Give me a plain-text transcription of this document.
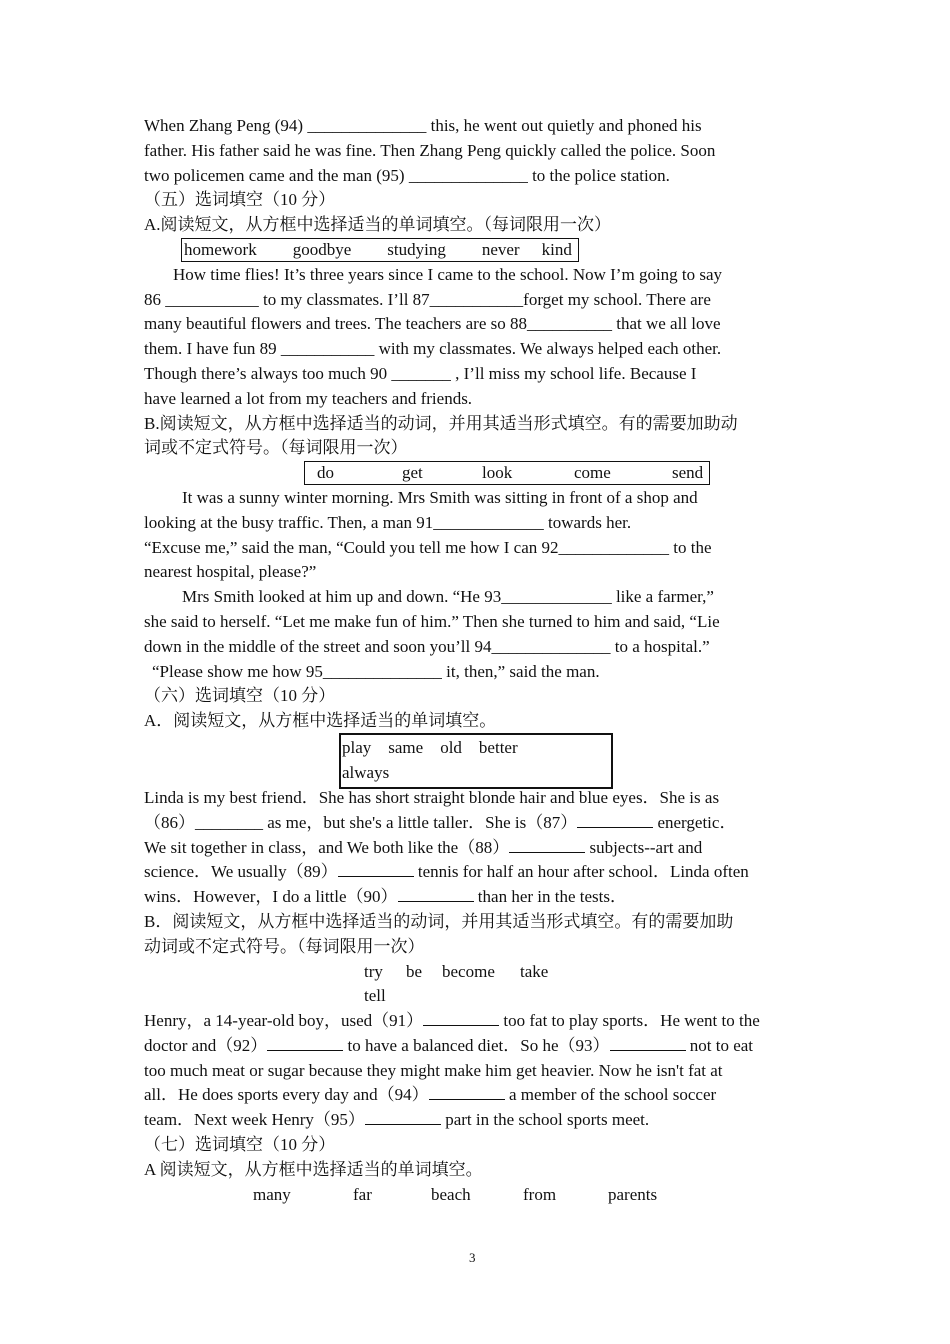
When Zhang Peng (94) ______________ this, he went out quietly and phoned his
father. His father said he was fine. Then Zhang Peng quickly called the police. Soon
two policemen came and the man (95) ______________ to the police station.
（五）选词填空（10 分）
A.阅读短文，从方框中选择适当的单词填空。（每词限用一次）
homework goodbye studying never kind
How time flies! It’s three years since I came to the school. Now I’m going to say
86 ___________ to my classmates. I’ll 87___________forget my school. There are
many beautiful flowers and trees. The teachers are so 88__________ that we all love
them. I have fun 89 ___________ with my classmates. We always helped each other.
Though there’s always too much 90 _______ , I’ll miss my school life. Because I
have learned a lot from my teachers and friends.
B.阅读短文，从方框中选择适当的动词，并用其适当形式填空。有的需要加助动
词或不定式符号。（每词限用一次）
do	get	look	come	send
It was a sunny winter morning. Mrs Smith was sitting in front of a shop and
looking at the busy traffic. Then, a man 91_____________ towards her.
“Excuse me,” said the man, “Could you tell me how I can 92_____________ to the
nearest hospital, please?”
Mrs Smith looked at him up and down. “He 93_____________ like a farmer,”
she said to herself. “Let me make fun of him.” Then she turned to him and said, “Lie
down in the middle of the street and soon you’ll 94______________ to a hospital.”
“Please show me how 95______________ it, then,” said the man.
（六）选词填空（10 分）
A．阅读短文，从方框中选择适当的单词填空。
play    same    old    better
always
Linda is my best friend．She has short straight blonde hair and blue eyes．She is as
（86）________ as me，but she's a little taller．She is（87）	energetic．
We sit together in class，and We both like the（88）	subjects--art and
science．We usually（89）	tennis for half an hour after school．Linda often
wins．However，I do a little（90）	than her in the tests．
B．阅读短文，从方框中选择适当的动词，并用其适当形式填空。有的需要加助
动词或不定式符号。（每词限用一次）
try be become take
tell
Henry，a 14-year-old boy，used（91）	too fat to play sports．He went to the
doctor and（92）	to have a balanced diet．So he（93）	not to eat
too much meat or sugar because they might make him get heavier. Now he isn't fat at
all．He does sports every day and（94）	a member of the school soccer
team．Next week Henry（95）	part in the school sports meet.
（七）选词填空（10 分）
A 阅读短文，从方框中选择适当的单词填空。
many	far	beach	from	parents
3
